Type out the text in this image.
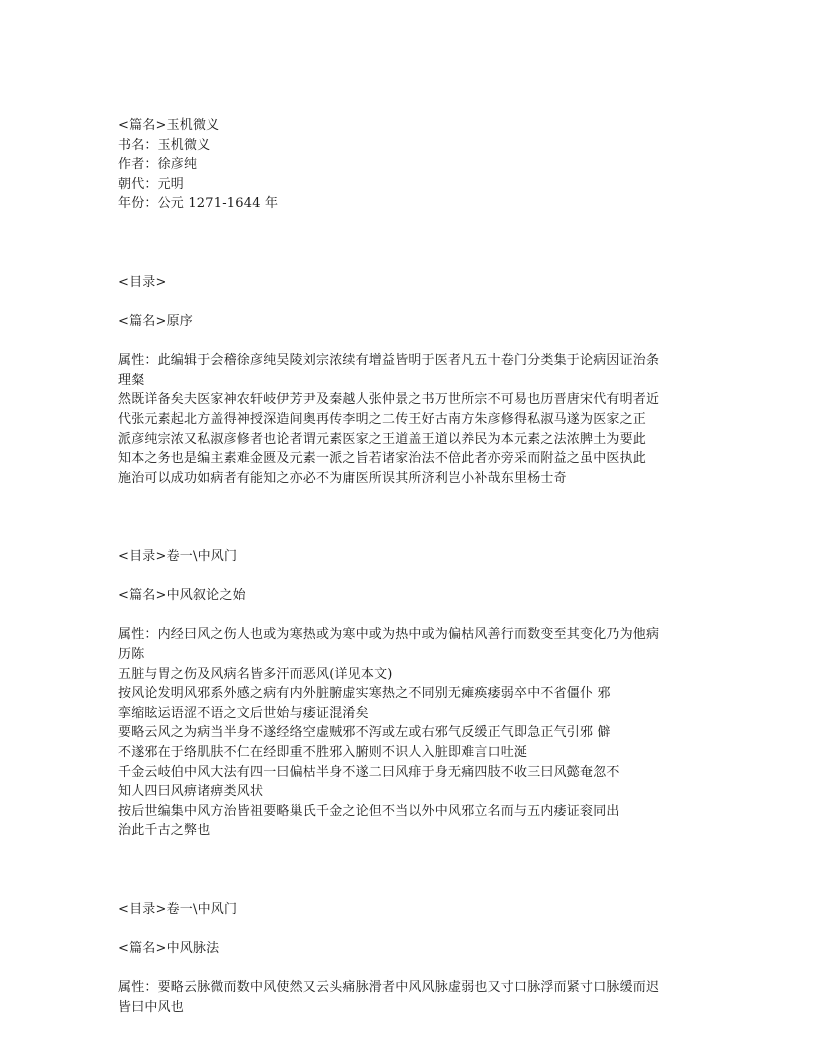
<篇名>玉机微义
书名：玉机微义
作者：徐彦纯
朝代：元明
年份：公元 1271-1644 年
<目录>
<篇名>原序
属性：此编辑于会稽徐彦纯吴陵刘宗浓续有增益皆明于医者凡五十卷门分类集于论病因证治条
理粲
然既详备矣夫医家神农轩岐伊芳尹及秦越人张仲景之书万世所宗不可易也历晋唐宋代有明者近
代张元素起北方盖得神授深造间奥再传李明之二传王好古南方朱彦修得私淑马遂为医家之正
派彦纯宗浓又私淑彦修者也论者谓元素医家之王道盖王道以养民为本元素之法浓脾土为要此
知本之务也是编主素难金匮及元素一派之旨若诸家治法不倍此者亦旁采而附益之虽中医执此
施治可以成功如病者有能知之亦必不为庸医所误其所济利岂小补哉东里杨士奇
<目录>卷一\中风门
<篇名>中风叙论之始
属性：内经曰风之伤人也或为寒热或为寒中或为热中或为偏枯风善行而数变至其变化乃为他病
历陈
五脏与胃之伤及风病名皆多汗而恶风(详见本文)
按风论发明风邪系外感之病有内外脏腑虚实寒热之不同别无瘫痪痿弱卒中不省僵仆 邪
挛缩眩运语涩不语之文后世始与痿证混淆矣
要略云风之为病当半身不遂经络空虚贼邪不泻或左或右邪气反缓正气即急正气引邪 僻
不遂邪在于络肌肤不仁在经即重不胜邪入腑则不识人入脏即难言口吐涎
千金云岐伯中风大法有四一曰偏枯半身不遂二曰风痱于身无痛四肢不收三曰风懿奄忽不
知人四曰风痹诸痹类风状
按后世编集中风方治皆祖要略巢氏千金之论但不当以外中风邪立名而与五内痿证衮同出
治此千古之弊也
<目录>卷一\中风门
<篇名>中风脉法
属性：要略云脉微而数中风使然又云头痛脉滑者中风风脉虚弱也又寸口脉浮而紧寸口脉缓而迟
皆曰中风也
